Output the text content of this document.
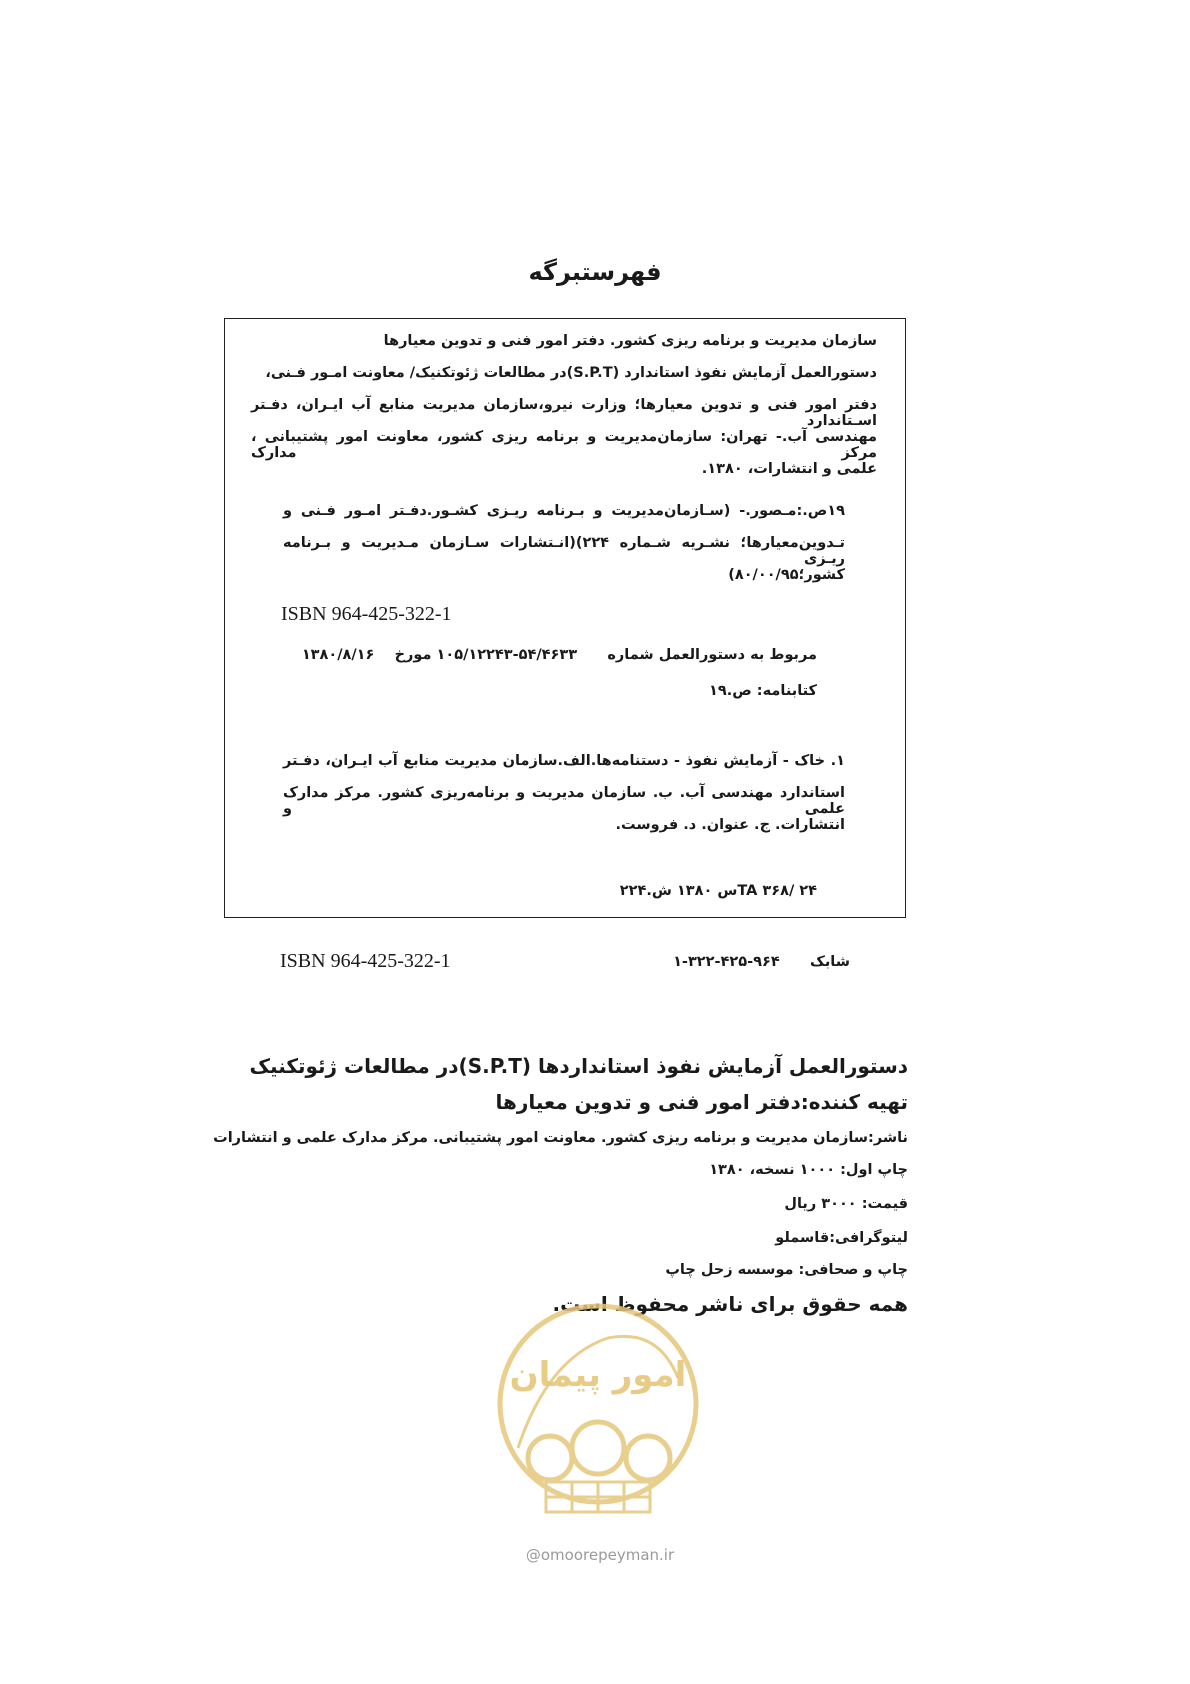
فهرستبرگه
سازمان مدیریت و برنامه ریزی کشور. دفتر امور فنی و تدوین معیارها
دستورالعمل آزمایش نفوذ استاندارد (S.P.T)در مطالعات ژئوتکنیک/ معاونت امـور فـنی،
دفتر امور فنی و تدوین معیارها؛ وزارت نیرو،سازمان مدیریت منابع آب ایـران، دفـتر اسـتاندارد
مهندسی آب.- تهران: سازمان‌مدیریت و برنامه ریزی کشور، معاونت امور پشتیبانی ، مرکز مدارک
علمی و انتشارات، ۱۳۸۰.
۱۹ص.:مـصور.- (سـازمان‌مدیریت و بـرنامه ریـزی کشـور.دفـتر امـور فـنی و
تـدوین‌معیارها؛ نشـریه شـماره ۲۲۴)(انـتشارات سـازمان مـدیریت و بـرنامه ریـزی
کشور؛۸۰/۰۰/۹۵)
ISBN 964-425-322-1
مربوط به دستورالعمل شماره      ۵۴/۴۶۳۳-۱۰۵/۱۲۲۴۳ مورخ    ۱۳۸۰/۸/۱۶
کتابنامه: ص.۱۹
۱. خاک - آزمایش نفوذ - دستنامه‌ها.الف.سازمان مدیریت منابع آب ایـران، دفـتر
استاندارد مهندسی آب. ب. سازمان مدیریت و برنامه‌ریزی کشور. مرکز مدارک علمی و
انتشارات. ج. عنوان. د. فروست.
TA ۳۶۸/ ۲۴س ۱۳۸۰ ش.۲۲۴
ISBN 964-425-322-1	شابک      ۹۶۴-۴۲۵-۳۲۲-۱
دستورالعمل آزمایش نفوذ استانداردها (S.P.T)در مطالعات ژئوتکنیک
تهیه کننده:دفتر امور فنی و تدوین معیارها
ناشر:سازمان مدیریت و برنامه ریزی کشور. معاونت امور پشتیبانی. مرکز مدارک علمی و انتشارات
چاپ اول: ۱۰۰۰ نسخه، ۱۳۸۰
قیمت: ۳۰۰۰ ریال
لیتوگرافی:قاسملو
چاپ و صحافی: موسسه زحل چاپ
همه حقوق برای ناشر محفوظ است.
امور پیمان
@omoorepeyman.ir
